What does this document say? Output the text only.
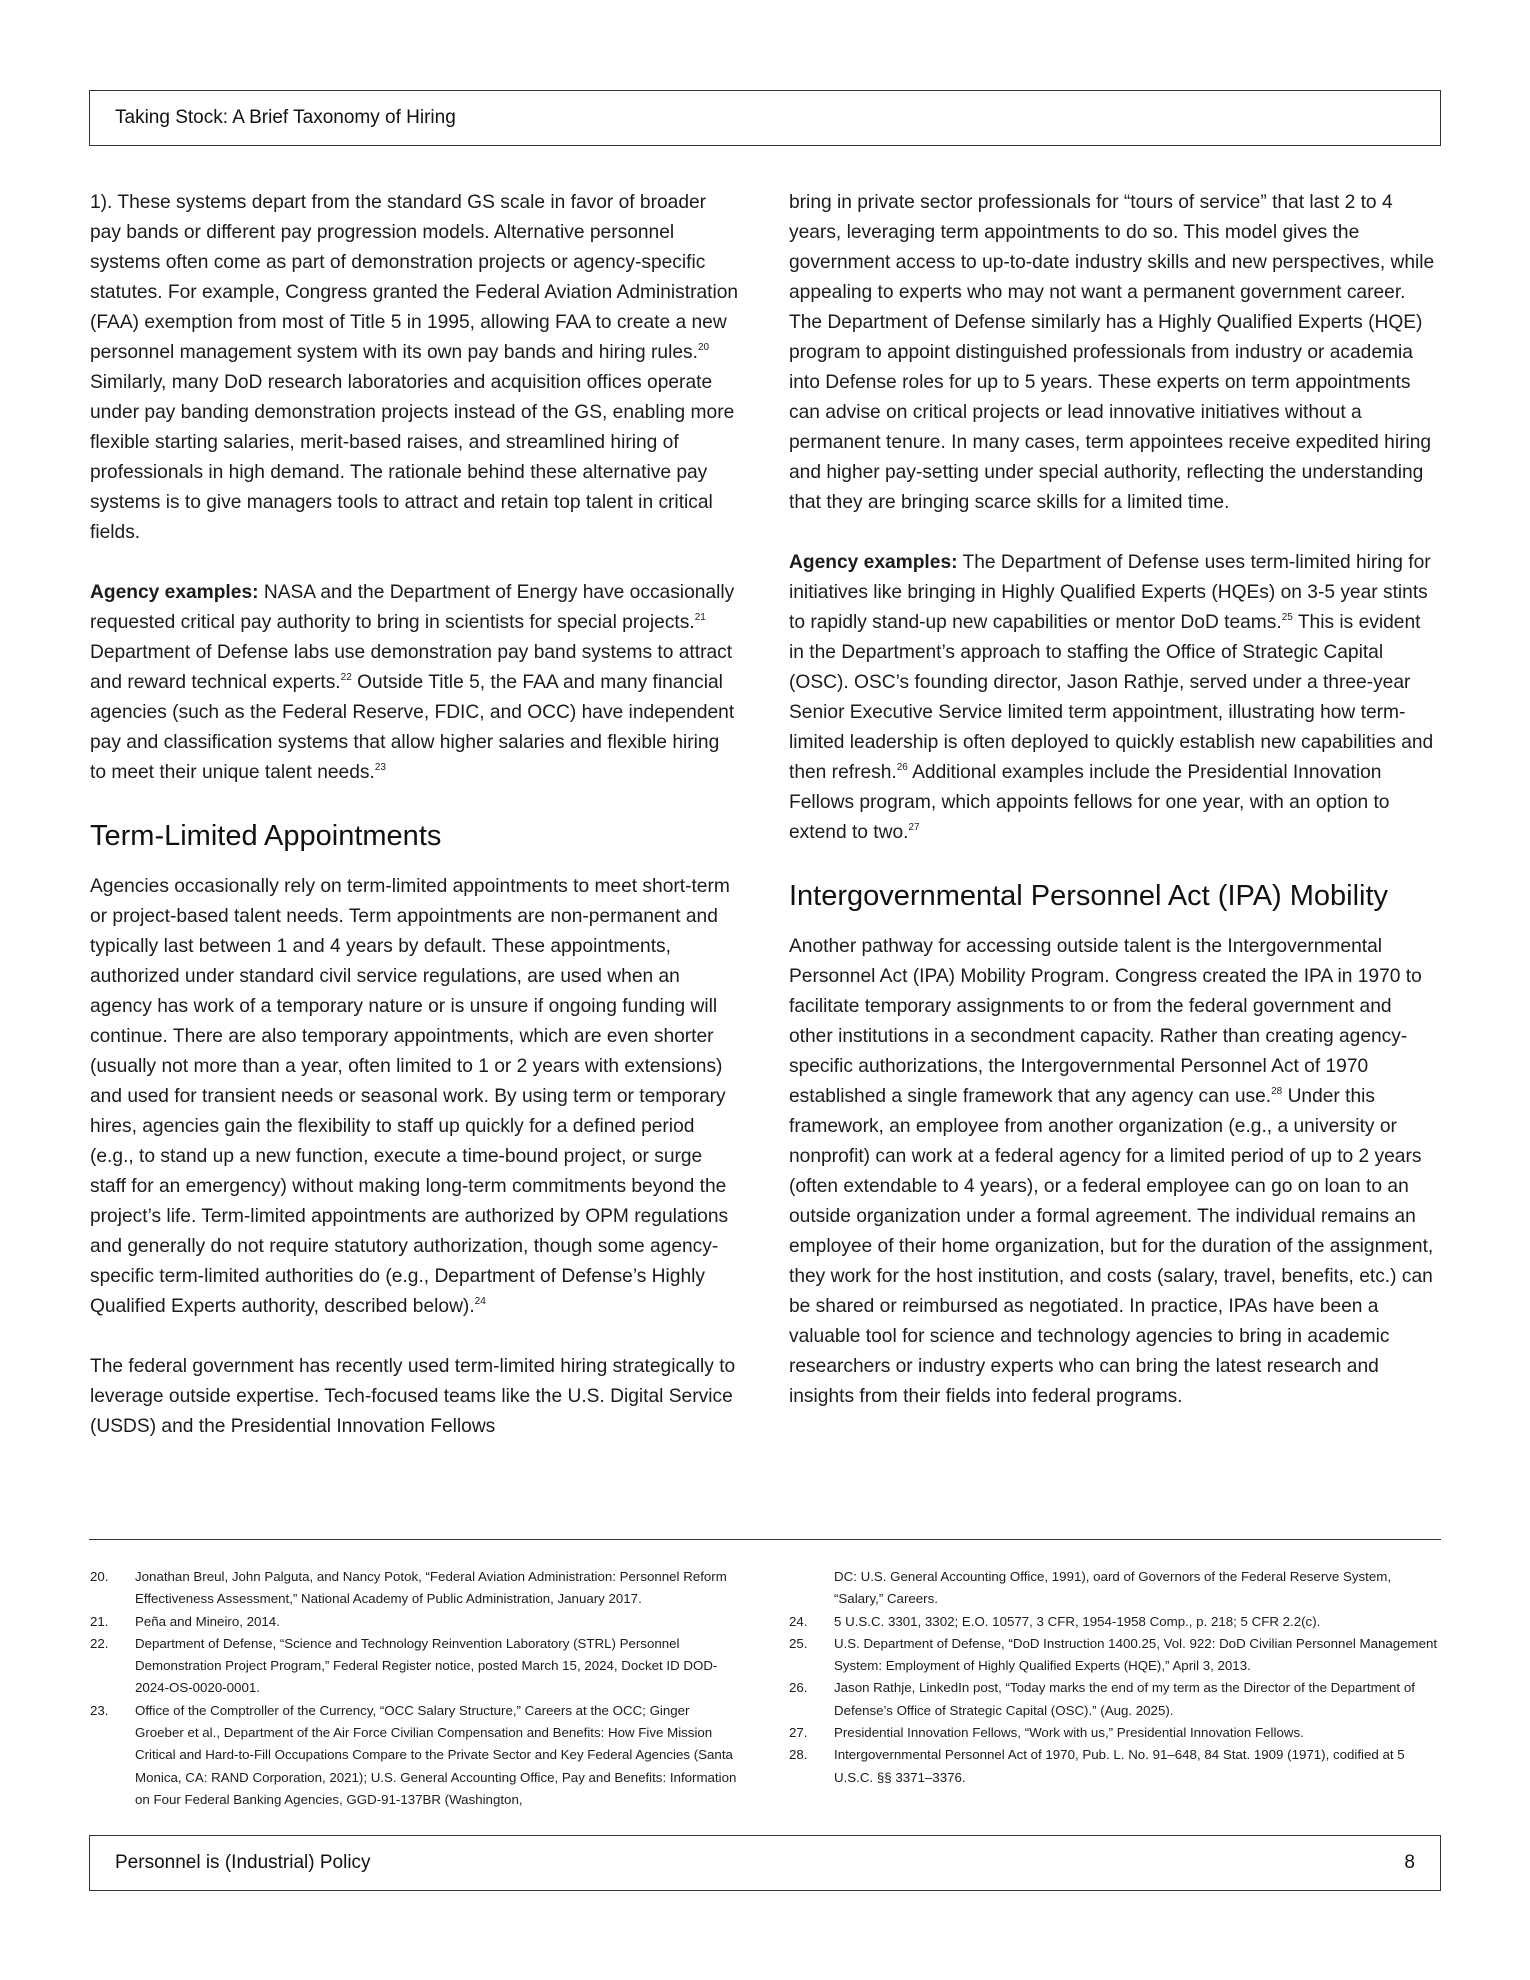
Taking Stock: A Brief Taxonomy of Hiring

1). These systems depart from the standard GS scale in favor of broader pay bands or different pay progression models. Alternative personnel systems often come as part of demonstration projects or agency-specific statutes. For example, Congress granted the Federal Aviation Administration (FAA) exemption from most of Title 5 in 1995, allowing FAA to create a new personnel management system with its own pay bands and hiring rules.$^{20}$ Similarly, many DoD research laboratories and acquisition offices operate under pay banding demonstration projects instead of the GS, enabling more flexible starting salaries, merit-based raises, and streamlined hiring of professionals in high demand. The rationale behind these alternative pay systems is to give managers tools to attract and retain top talent in critical fields.

Agency examples: NASA and the Department of Energy have occasionally requested critical pay authority to bring in scientists for special projects.$^{21}$ Department of Defense labs use demonstration pay band systems to attract and reward technical experts.$^{22}$ Outside Title 5, the FAA and many financial agencies (such as the Federal Reserve, FDIC, and OCC) have independent pay and classification systems that allow higher salaries and flexible hiring to meet their unique talent needs.$^{23}$

Term-Limited Appointments

Agencies occasionally rely on term-limited appointments to meet short-term or project-based talent needs. Term appointments are non-permanent and typically last between 1 and 4 years by default. These appointments, authorized under standard civil service regulations, are used when an agency has work of a temporary nature or is unsure if ongoing funding will continue. There are also temporary appointments, which are even shorter (usually not more than a year, often limited to 1 or 2 years with extensions) and used for transient needs or seasonal work. By using term or temporary hires, agencies gain the flexibility to staff up quickly for a defined period (e.g., to stand up a new function, execute a time-bound project, or surge staff for an emergency) without making long-term commitments beyond the project’s life. Term-limited appointments are authorized by OPM regulations and generally do not require statutory authorization, though some agency-specific term-limited authorities do (e.g., Department of Defense’s Highly Qualified Experts authority, described below).$^{24}$

The federal government has recently used term-limited hiring strategically to leverage outside expertise. Tech-focused teams like the U.S. Digital Service (USDS) and the Presidential Innovation Fellows

bring in private sector professionals for “tours of service” that last 2 to 4 years, leveraging term appointments to do so. This model gives the government access to up-to-date industry skills and new perspectives, while appealing to experts who may not want a permanent government career. The Department of Defense similarly has a Highly Qualified Experts (HQE) program to appoint distinguished professionals from industry or academia into Defense roles for up to 5 years. These experts on term appointments can advise on critical projects or lead innovative initiatives without a permanent tenure. In many cases, term appointees receive expedited hiring and higher pay-setting under special authority, reflecting the understanding that they are bringing scarce skills for a limited time.

Agency examples: The Department of Defense uses term-limited hiring for initiatives like bringing in Highly Qualified Experts (HQEs) on 3-5 year stints to rapidly stand-up new capabilities or mentor DoD teams.$^{25}$ This is evident in the Department’s approach to staffing the Office of Strategic Capital (OSC). OSC’s founding director, Jason Rathje, served under a three-year Senior Executive Service limited term appointment, illustrating how term-limited leadership is often deployed to quickly establish new capabilities and then refresh.$^{26}$ Additional examples include the Presidential Innovation Fellows program, which appoints fellows for one year, with an option to extend to two.$^{27}$

Intergovernmental Personnel Act (IPA) Mobility

Another pathway for accessing outside talent is the Intergovernmental Personnel Act (IPA) Mobility Program. Congress created the IPA in 1970 to facilitate temporary assignments to or from the federal government and other institutions in a secondment capacity. Rather than creating agency-specific authorizations, the Intergovernmental Personnel Act of 1970 established a single framework that any agency can use.$^{28}$ Under this framework, an employee from another organization (e.g., a university or nonprofit) can work at a federal agency for a limited period of up to 2 years (often extendable to 4 years), or a federal employee can go on loan to an outside organization under a formal agreement. The individual remains an employee of their home organization, but for the duration of the assignment, they work for the host institution, and costs (salary, travel, benefits, etc.) can be shared or reimbursed as negotiated. In practice, IPAs have been a valuable tool for science and technology agencies to bring in academic researchers or industry experts who can bring the latest research and insights from their fields into federal programs.

20.	Jonathan Breul, John Palguta, and Nancy Potok, “Federal Aviation Administration: Personnel Reform Effectiveness Assessment,” National Academy of Public Administration, January 2017.
21.	Peña and Mineiro, 2014.
22.	Department of Defense, “Science and Technology Reinvention Laboratory (STRL) Personnel Demonstration Project Program,” Federal Register notice, posted March 15, 2024, Docket ID DOD-2024-OS-0020-0001.
23.	Office of the Comptroller of the Currency, “OCC Salary Structure,” Careers at the OCC; Ginger Groeber et al., Department of the Air Force Civilian Compensation and Benefits: How Five Mission Critical and Hard-to-Fill Occupations Compare to the Private Sector and Key Federal Agencies (Santa Monica, CA: RAND Corporation, 2021); U.S. General Accounting Office, Pay and Benefits: Information on Four Federal Banking Agencies, GGD-91-137BR (Washington,
DC: U.S. General Accounting Office, 1991), oard of Governors of the Federal Reserve System, “Salary,” Careers.
24.	5 U.S.C. 3301, 3302; E.O. 10577, 3 CFR, 1954-1958 Comp., p. 218; 5 CFR 2.2(c).
25.	U.S. Department of Defense, “DoD Instruction 1400.25, Vol. 922: DoD Civilian Personnel Management System: Employment of Highly Qualified Experts (HQE),” April 3, 2013.
26.	Jason Rathje, LinkedIn post, “Today marks the end of my term as the Director of the Department of Defense’s Office of Strategic Capital (OSC).” (Aug. 2025).
27.	Presidential Innovation Fellows, “Work with us,” Presidential Innovation Fellows.
28.	Intergovernmental Personnel Act of 1970, Pub. L. No. 91–648, 84 Stat. 1909 (1971), codified at 5 U.S.C. §§ 3371–3376.
Personnel is (Industrial) Policy	8
